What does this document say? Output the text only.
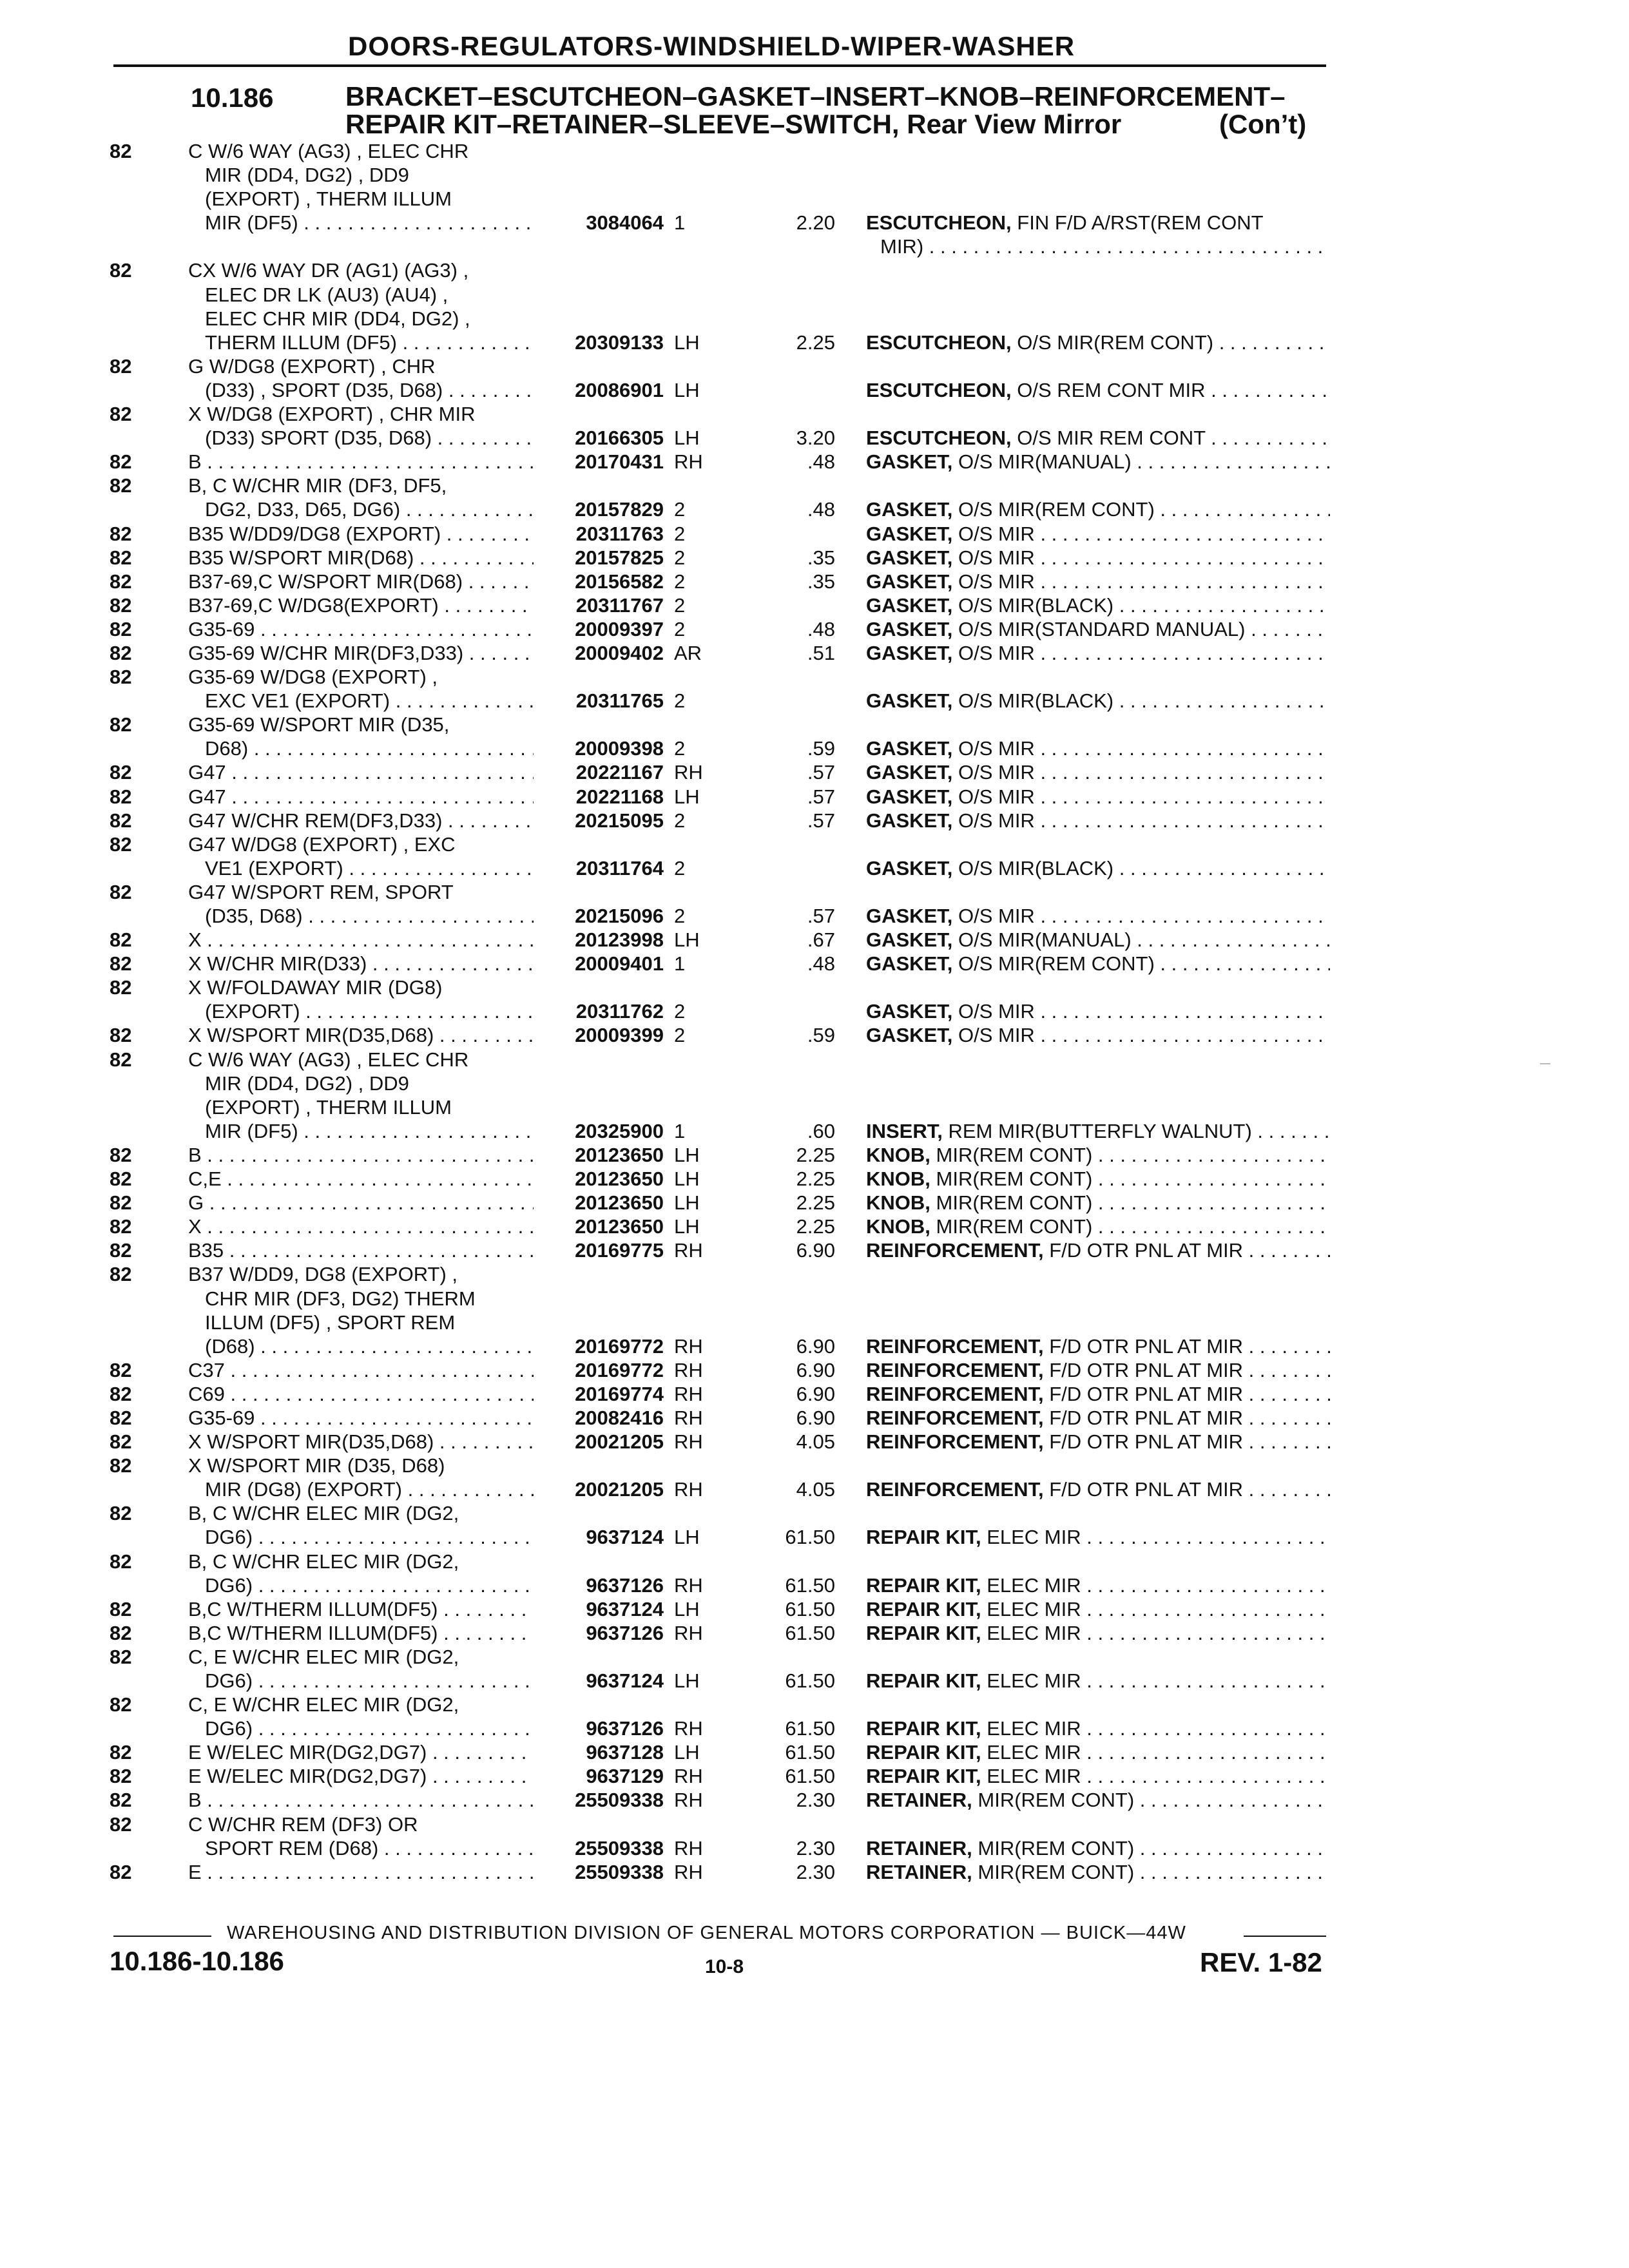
DOORS-REGULATORS-WINDSHIELD-WIPER-WASHER
10.186	BRACKET–ESCUTCHEON–GASKET–INSERT–KNOB–REINFORCEMENT–
REPAIR KIT–RETAINER–SLEEVE–SWITCH, Rear View Mirror	(Con’t)
82	C W/6 WAY (AG3) , ELEC CHR
MIR (DD4, DG2) , DD9
(EXPORT) , THERM ILLUM
MIR (DF5) . . .	3084064 1	2.20 ESCUTCHEON, FIN F/D A/RST(REM CONT
MIR) . . .
82	CX W/6 WAY DR (AG1) (AG3) ,
ELEC DR LK (AU3) (AU4) ,
ELEC CHR MIR (DD4, DG2) ,
THERM ILLUM (DF5) . . .	20309133 LH	2.25 ESCUTCHEON, O/S MIR(REM CONT) . . .
82	G W/DG8 (EXPORT) , CHR
(D33) , SPORT (D35, D68) . . .	20086901 LH	ESCUTCHEON, O/S REM CONT MIR . . .
82	X W/DG8 (EXPORT) , CHR MIR
(D33) SPORT (D35, D68) . . .	20166305 LH	3.20 ESCUTCHEON, O/S MIR REM CONT . . .
82	B . . .	20170431 RH	.48 GASKET, O/S MIR(MANUAL) . . .
82	B, C W/CHR MIR (DF3, DF5,
DG2, D33, D65, DG6) . . .	20157829 2	.48 GASKET, O/S MIR(REM CONT) . . .
82	B35 W/DD9/DG8 (EXPORT) . . .	20311763 2	GASKET, O/S MIR . . .
82	B35 W/SPORT MIR(D68) . . .	20157825 2	.35 GASKET, O/S MIR . . .
82	B37-69,C W/SPORT MIR(D68) . . .	20156582 2	.35 GASKET, O/S MIR . . .
82	B37-69,C W/DG8(EXPORT) . . .	20311767 2	GASKET, O/S MIR(BLACK) . . .
82	G35-69 . . .	20009397 2	.48 GASKET, O/S MIR(STANDARD MANUAL) . . .
82	G35-69 W/CHR MIR(DF3,D33) . . .	20009402 AR	.51 GASKET, O/S MIR . . .
82	G35-69 W/DG8 (EXPORT) ,
EXC VE1 (EXPORT) . . .	20311765 2	GASKET, O/S MIR(BLACK) . . .
82	G35-69 W/SPORT MIR (D35,
D68) . . .	20009398 2	.59 GASKET, O/S MIR . . .
82	G47 . . .	20221167 RH	.57 GASKET, O/S MIR . . .
82	G47 . . .	20221168 LH	.57 GASKET, O/S MIR . . .
82	G47 W/CHR REM(DF3,D33) . . .	20215095 2	.57 GASKET, O/S MIR . . .
82	G47 W/DG8 (EXPORT) , EXC
VE1 (EXPORT) . . .	20311764 2	GASKET, O/S MIR(BLACK) . . .
82	G47 W/SPORT REM, SPORT
(D35, D68) . . .	20215096 2	.57 GASKET, O/S MIR . . .
82	X . . .	20123998 LH	.67 GASKET, O/S MIR(MANUAL) . . .
82	X W/CHR MIR(D33) . . .	20009401 1	.48 GASKET, O/S MIR(REM CONT) . . .
82	X W/FOLDAWAY MIR (DG8)
(EXPORT) . . .	20311762 2	GASKET, O/S MIR . . .
82	X W/SPORT MIR(D35,D68) . . .	20009399 2	.59 GASKET, O/S MIR . . .
82	C W/6 WAY (AG3) , ELEC CHR
MIR (DD4, DG2) , DD9
(EXPORT) , THERM ILLUM
MIR (DF5) . . .	20325900 1	.60 INSERT, REM MIR(BUTTERFLY WALNUT) . . .
82	B . . .	20123650 LH	2.25 KNOB, MIR(REM CONT) . . .
82	C,E . . .	20123650 LH	2.25 KNOB, MIR(REM CONT) . . .
82	G . . .	20123650 LH	2.25 KNOB, MIR(REM CONT) . . .
82	X . . .	20123650 LH	2.25 KNOB, MIR(REM CONT) . . .
82	B35 . . .	20169775 RH	6.90 REINFORCEMENT, F/D OTR PNL AT MIR . . .
82	B37 W/DD9, DG8 (EXPORT) ,
CHR MIR (DF3, DG2) THERM
ILLUM (DF5) , SPORT REM
(D68) . . .	20169772 RH	6.90 REINFORCEMENT, F/D OTR PNL AT MIR . . .
82	C37 . . .	20169772 RH	6.90 REINFORCEMENT, F/D OTR PNL AT MIR . . .
82	C69 . . .	20169774 RH	6.90 REINFORCEMENT, F/D OTR PNL AT MIR . . .
82	G35-69 . . .	20082416 RH	6.90 REINFORCEMENT, F/D OTR PNL AT MIR . . .
82	X W/SPORT MIR(D35,D68) . . .	20021205 RH	4.05 REINFORCEMENT, F/D OTR PNL AT MIR . . .
82	X W/SPORT MIR (D35, D68)
MIR (DG8) (EXPORT) . . .	20021205 RH	4.05 REINFORCEMENT, F/D OTR PNL AT MIR . . .
82	B, C W/CHR ELEC MIR (DG2,
DG6) . . .	9637124 LH	61.50 REPAIR KIT, ELEC MIR . . .
82	B, C W/CHR ELEC MIR (DG2,
DG6) . . .	9637126 RH	61.50 REPAIR KIT, ELEC MIR . . .
82	B,C W/THERM ILLUM(DF5) . . .	9637124 LH	61.50 REPAIR KIT, ELEC MIR . . .
82	B,C W/THERM ILLUM(DF5) . . .	9637126 RH	61.50 REPAIR KIT, ELEC MIR . . .
82	C, E W/CHR ELEC MIR (DG2,
DG6) . . .	9637124 LH	61.50 REPAIR KIT, ELEC MIR . . .
82	C, E W/CHR ELEC MIR (DG2,
DG6) . . .	9637126 RH	61.50 REPAIR KIT, ELEC MIR . . .
82	E W/ELEC MIR(DG2,DG7) . . .	9637128 LH	61.50 REPAIR KIT, ELEC MIR . . .
82	E W/ELEC MIR(DG2,DG7) . . .	9637129 RH	61.50 REPAIR KIT, ELEC MIR . . .
82	B . . .	25509338 RH	2.30 RETAINER, MIR(REM CONT) . . .
82	C W/CHR REM (DF3) OR
SPORT REM (D68) . . .	25509338 RH	2.30 RETAINER, MIR(REM CONT) . . .
82	E . . .	25509338 RH	2.30 RETAINER, MIR(REM CONT) . . .
WAREHOUSING AND DISTRIBUTION DIVISION OF GENERAL MOTORS CORPORATION — BUICK—44W
10.186-10.186	10-8	REV. 1-82
